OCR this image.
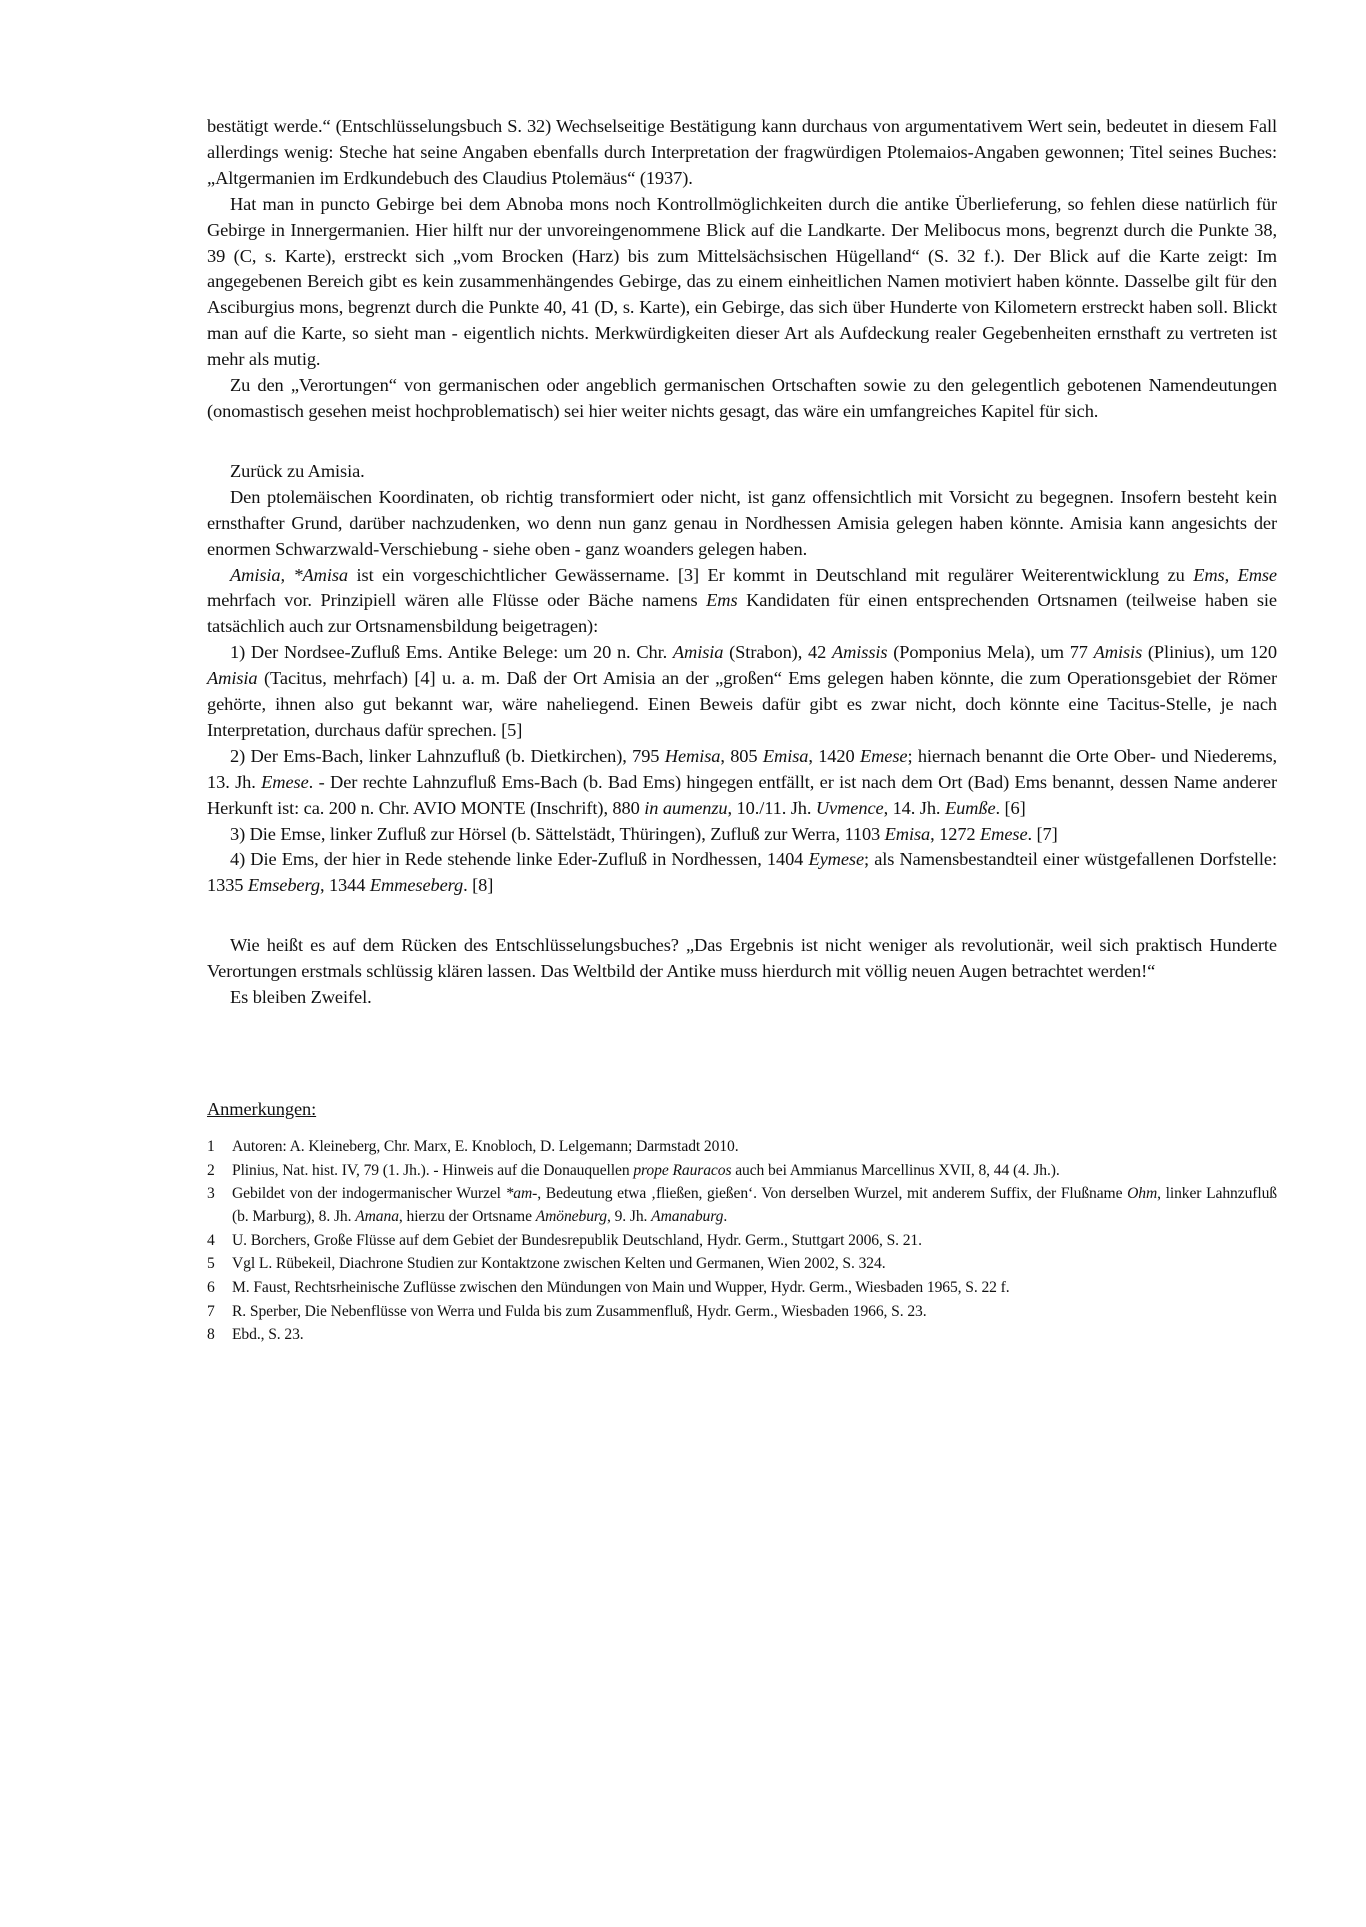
bestätigt werde.“ (Entschlüsselungsbuch S. 32) Wechselseitige Bestätigung kann durchaus von argumentativem Wert sein, bedeutet in diesem Fall allerdings wenig: Steche hat seine Angaben ebenfalls durch Interpretation der fragwürdigen Ptolemaios-Angaben gewonnen; Titel seines Buches: „Altgermanien im Erdkundebuch des Claudius Ptolemäus“ (1937).

Hat man in puncto Gebirge bei dem Abnoba mons noch Kontrollmöglichkeiten durch die antike Überlieferung, so fehlen diese natürlich für Gebirge in Innergermanien. Hier hilft nur der unvoreingenommene Blick auf die Landkarte. Der Melibocus mons, begrenzt durch die Punkte 38, 39 (C, s. Karte), erstreckt sich „vom Brocken (Harz) bis zum Mittelsächsischen Hügelland“ (S. 32 f.). Der Blick auf die Karte zeigt: Im angegebenen Bereich gibt es kein zusammenhängendes Gebirge, das zu einem einheitlichen Namen motiviert haben könnte. Dasselbe gilt für den Asciburgius mons, begrenzt durch die Punkte 40, 41 (D, s. Karte), ein Gebirge, das sich über Hunderte von Kilometern erstreckt haben soll. Blickt man auf die Karte, so sieht man - eigentlich nichts. Merkwürdigkeiten dieser Art als Aufdeckung realer Gegebenheiten ernsthaft zu vertreten ist mehr als mutig.

Zu den „Verortungen“ von germanischen oder angeblich germanischen Ortschaften sowie zu den gelegentlich gebotenen Namendeutungen (onomastisch gesehen meist hochproblematisch) sei hier weiter nichts gesagt, das wäre ein umfangreiches Kapitel für sich.

Zurück zu Amisia.

Den ptolemäischen Koordinaten, ob richtig transformiert oder nicht, ist ganz offensichtlich mit Vorsicht zu begegnen. Insofern besteht kein ernsthafter Grund, darüber nachzudenken, wo denn nun ganz genau in Nordhessen Amisia gelegen haben könnte. Amisia kann angesichts der enormen Schwarzwald-Verschiebung - siehe oben - ganz woanders gelegen haben.

Amisia, *Amisa ist ein vorgeschichtlicher Gewässername. [3] Er kommt in Deutschland mit regulärer Weiterentwicklung zu Ems, Emse mehrfach vor. Prinzipiell wären alle Flüsse oder Bäche namens Ems Kandidaten für einen entsprechenden Ortsnamen (teilweise haben sie tatsächlich auch zur Ortsnamensbildung beigetragen):

1) Der Nordsee-Zufluß Ems. Antike Belege: um 20 n. Chr. Amisia (Strabon), 42 Amissis (Pomponius Mela), um 77 Amisis (Plinius), um 120 Amisia (Tacitus, mehrfach) [4] u. a. m. Daß der Ort Amisia an der „großen“ Ems gelegen haben könnte, die zum Operationsgebiet der Römer gehörte, ihnen also gut bekannt war, wäre naheliegend. Einen Beweis dafür gibt es zwar nicht, doch könnte eine Tacitus-Stelle, je nach Interpretation, durchaus dafür sprechen. [5]

2) Der Ems-Bach, linker Lahnzufluß (b. Dietkirchen), 795 Hemisa, 805 Emisa, 1420 Emese; hiernach benannt die Orte Ober- und Niederems, 13. Jh. Emese. - Der rechte Lahnzufluß Ems-Bach (b. Bad Ems) hingegen entfällt, er ist nach dem Ort (Bad) Ems benannt, dessen Name anderer Herkunft ist: ca. 200 n. Chr. AVIO MONTE (Inschrift), 880 in aumenzu, 10./11. Jh. Uvmence, 14. Jh. Eumße. [6]

3) Die Emse, linker Zufluß zur Hörsel (b. Sättelstädt, Thüringen), Zufluß zur Werra, 1103 Emisa, 1272 Emese. [7]

4) Die Ems, der hier in Rede stehende linke Eder-Zufluß in Nordhessen, 1404 Eymese; als Namensbestandteil einer wüstgefallenen Dorfstelle: 1335 Emseberg, 1344 Emmeseberg. [8]

Wie heißt es auf dem Rücken des Entschlüsselungsbuches? „Das Ergebnis ist nicht weniger als revolutionär, weil sich praktisch Hunderte Verortungen erstmals schlüssig klären lassen. Das Weltbild der Antike muss hierdurch mit völlig neuen Augen betrachtet werden!“

Es bleiben Zweifel.

Anmerkungen:
1 Autoren: A. Kleineberg, Chr. Marx, E. Knobloch, D. Lelgemann; Darmstadt 2010.
2 Plinius, Nat. hist. IV, 79 (1. Jh.). - Hinweis auf die Donauquellen prope Rauracos auch bei Ammianus Marcellinus XVII, 8, 44 (4. Jh.).
3 Gebildet von der indogermanischer Wurzel *am-, Bedeutung etwa ‚fließen, gießen‘. Von derselben Wurzel, mit anderem Suffix, der Flußname Ohm, linker Lahnzufluß (b. Marburg), 8. Jh. Amana, hierzu der Ortsname Amöneburg, 9. Jh. Amanaburg.
4 U. Borchers, Große Flüsse auf dem Gebiet der Bundesrepublik Deutschland, Hydr. Germ., Stuttgart 2006, S. 21.
5 Vgl L. Rübekeil, Diachrone Studien zur Kontaktzone zwischen Kelten und Germanen, Wien 2002, S. 324.
6 M. Faust, Rechtsrheinische Zuflüsse zwischen den Mündungen von Main und Wupper, Hydr. Germ., Wiesbaden 1965, S. 22 f.
7 R. Sperber, Die Nebenflüsse von Werra und Fulda bis zum Zusammenfluß, Hydr. Germ., Wiesbaden 1966, S. 23.
8 Ebd., S. 23.
